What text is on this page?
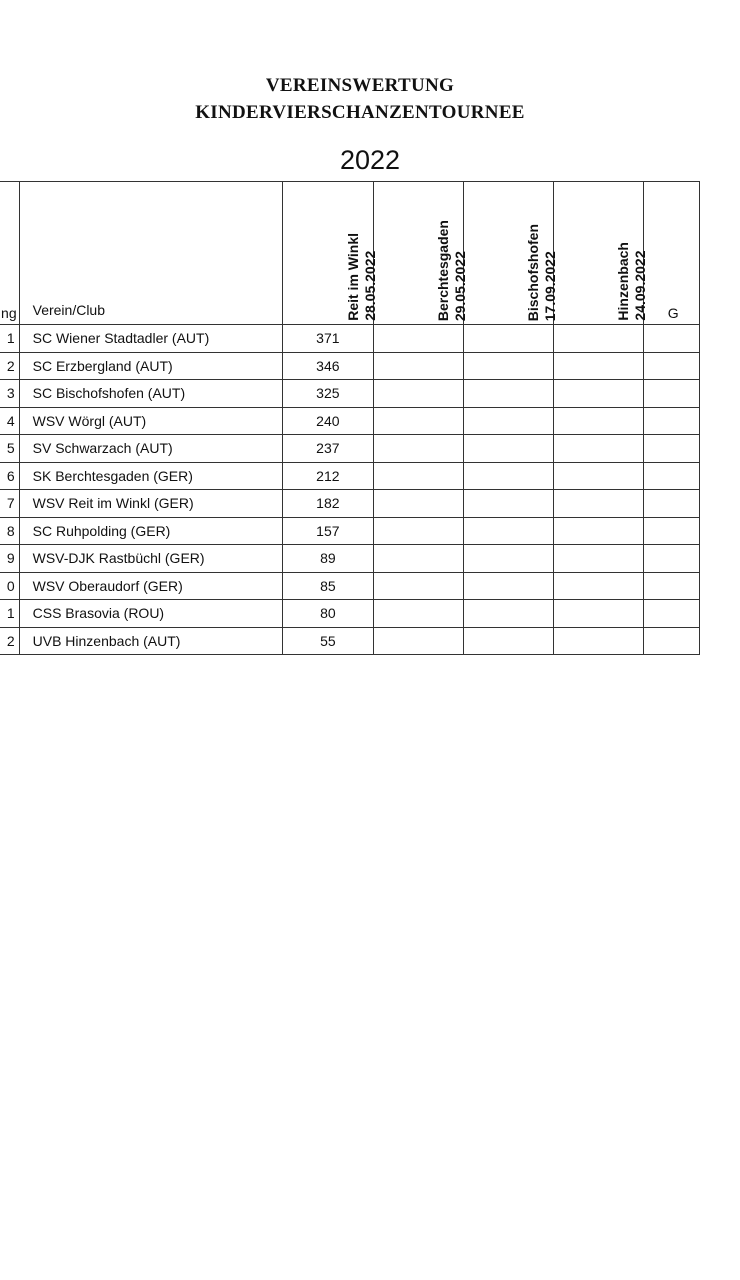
VEREINSWERTUNG
KINDERVIERSCHANZENTOURNEE
2022
ng	Verein/Club	Reit im Winkl 28.05.2022	Berchtesgaden 29.05.2022	Bischofshofen 17.09.2022	Hinzenbach 24.09.2022	G

1	SC Wiener Stadtadler (AUT)	371				
2	SC Erzbergland (AUT)	346				
3	SC Bischofshofen (AUT)	325				
4	WSV Wörgl (AUT)	240				
5	SV Schwarzach (AUT)	237				
6	SK Berchtesgaden (GER)	212				
7	WSV Reit im Winkl (GER)	182				
8	SC Ruhpolding (GER)	157				
9	WSV-DJK Rastbüchl (GER)	89				
0	WSV Oberaudorf (GER)	85				
1	CSS Brasovia (ROU)	80				
2	UVB Hinzenbach (AUT)	55				
